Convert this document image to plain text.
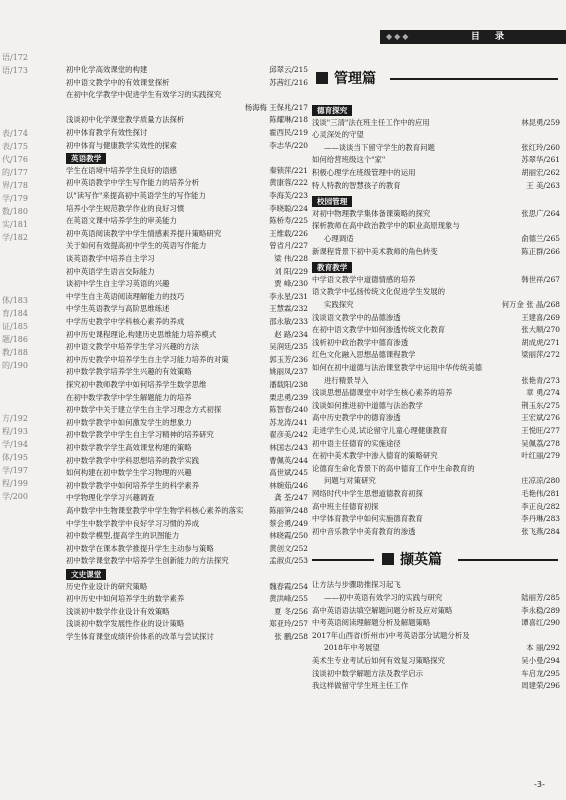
语/172
语/173
表/174
表/175
代/176
的/177
界/178
学/179
数/180
实/181
学/182
体/183
育/184
证/185
题/186
教/188
的/190
方/192
程/193
学/194
体/195
学/197
程/199
学/200
◆◆◆	目 录
初中化学高效课堂的构建	邱翠云/215
初中语文教学中的有效课堂探析	苏茜红/216
在初中化学教学中促进学生有效学习的实践探究
杨海梅 王保兆/217
浅谈初中化学课堂教学质量方法探析	陈耀琳/218
初中体育教学有效性探讨	霍西民/219
初中体育与健康教学实效性的探索	李志华/220
英语教学
学生在语境中培养学生良好的语感	秦锁萍/221
初中英语教学中学生写作能力的培养分析	黄康蓉/222
以"读写作"来提高初中英语学生的写作能力	李海芙/223
培养小学生规范教学作业的良好习惯	李晓聪/224
在英语文课中培养学生的审美能力	陈桥寿/225
初中英语阅读教学中学生情感素养提升策略研究	王维载/226
关于如何有效提高初中学生的英语写作能力	曾省月/227
谈英语教学中培养自主学习	梁 伟/228
初中英语学生语言交际能力	刘 阳/229
谈初中学生自主学习英语的兴趣	贾 峰/230
中学生自主英语阅读理解能力的技巧	李永星/231
中学生英语教学与高阶思维练述	王慧霖/232
中学历史教学中学科核心素养的养成	邵永敏/233
初中历史课程理论,构建历史思维能力培养模式	赵 路/234
初中语文教学中培养学生学习兴趣的方法	吴润廷/235
初中历史教学中培养学生自主学习能力培养的对策	郭玉芳/236
初中数学教学培养学生兴趣的有效策略	姚丽凤/237
探究初中教师教学中如何培养学生数学思维	潘载阳/238
在初中数学教学中学生解题能力的培养	栗忠勇/239
初中数学中关于建立学生自主学习理念方式初探	陈智春/240
初中数学教学中如何激发学生的想象力	苏龙涛/241
初中数学教学中学生自主学习精神的培养研究	翟彦美/242
初中数学教学学生高效课堂构建的策略	林国志/243
初中数学教学中学科思想培养的教学实践	曹佩英/244
如何构建在初中数学生学习物理的兴趣	高世斌/245
初中数学教学中如何培养学生的科学素养	林婉茹/246
中学物理化学学习兴趣调查	龚 荃/247
高中数学中生物课堂教学中学生物学科核心素养的落实	陈丽笋/248
中学生中数学教学中良好学习习惯的养成	蔡会勇/249
初中数学模型,提高学生的识图能力	林晓霞/250
初中数学在课本教学推提升学生主动参与策略	黄创文/252
初中数学课堂教学中培养学生创新能力的方法探究	孟淑贞/253
文史课堂
历史作业设计的研究策略	魏春霞/254
初中历史中如何培养学生的数学素养	黄洪峰/255
浅谈初中数学作业设计有效策略	夏 冬/256
浅谈初中数学发展性作业的设计策略	郑亚玲/257
学生体育课堂成绩评价体系的改革与尝试探讨	张 鹏/258
管理篇
德育探究
浅谈"三清"法在班主任工作中的应用	林昆勇/259
心灵深处的守望
——谈谈当下留守学生的教育问题	张红玲/260
如何给营班级这个"家"	苏翠华/261
积极心理学在班级管理中的运用	胡丽宏/262
特人特教的智慧孩子的教育	王 美/263
校园管理
对初中物理教学集体备课策略的探究	张思广/264
探析教师在高中政治教学中的职业高原现象与
心理调适	俞德兰/265
新课程背景下初中美术教师的角色转变	陈正群/266
教育教学
中学语文教学中道德情感的培养	韩世祥/267
语文教学中弘扬传统文化促进学生发展的
实践探究	何万金 张 晶/268
浅谈语文教学中的品德渗透	王建喜/269
在初中语文教学中如何渗透传统文化教育	张大顺/270
浅析初中政治教学中德育渗透	胡成虎/271
红色文化融入思想品德课程教学	梁丽萍/272
如何在初中道德与法治课堂教学中运用中华传统美德
进行精景导入	张艳青/273
浅谈思想品德课堂中对学生核心素养的培养	章 勇/274
浅谈如何推进初中道德与法治教学	荆玉东/275
高中历史教学中的德育渗透	王宏斌/276
走进学生心灵,试论留守儿童心理健康教育	王悦旺/277
初中语主任德育的实施途径	吴佩荔/278
在初中美术教学中渗入德育的策略研究	叶红丽/279
论德育生命化背景下的高中德育工作中生命教育的
问题与对策研究	庄凉凉/280
网络时代中学生思想道德教育初探	毛艳伟/281
高中班主任德育初探	李正良/282
中学体育教学中如何实施德育教育	李丹琳/283
初中音乐教学中美育教育的渗透	张飞燕/284
撷英篇
让方法与步骤助推探习起飞
——初中英语有效学习的实践与研究	陆丽芳/285
高中英语语法填空解题问题分析及应对策略	李永稳/289
中考英语阅读理解题分析及解题策略	谭喜红/290
2017年山西省(忻州市)中考英语部分试题分析及
2018年中考展望	本 丽/292
美术生专业考试后如何有效复习策略探究	吴小曼/294
浅谈初中数学解题方法及教学启示	车启龙/295
我这样做留守学生班主任工作	周建荣/296
-3-
